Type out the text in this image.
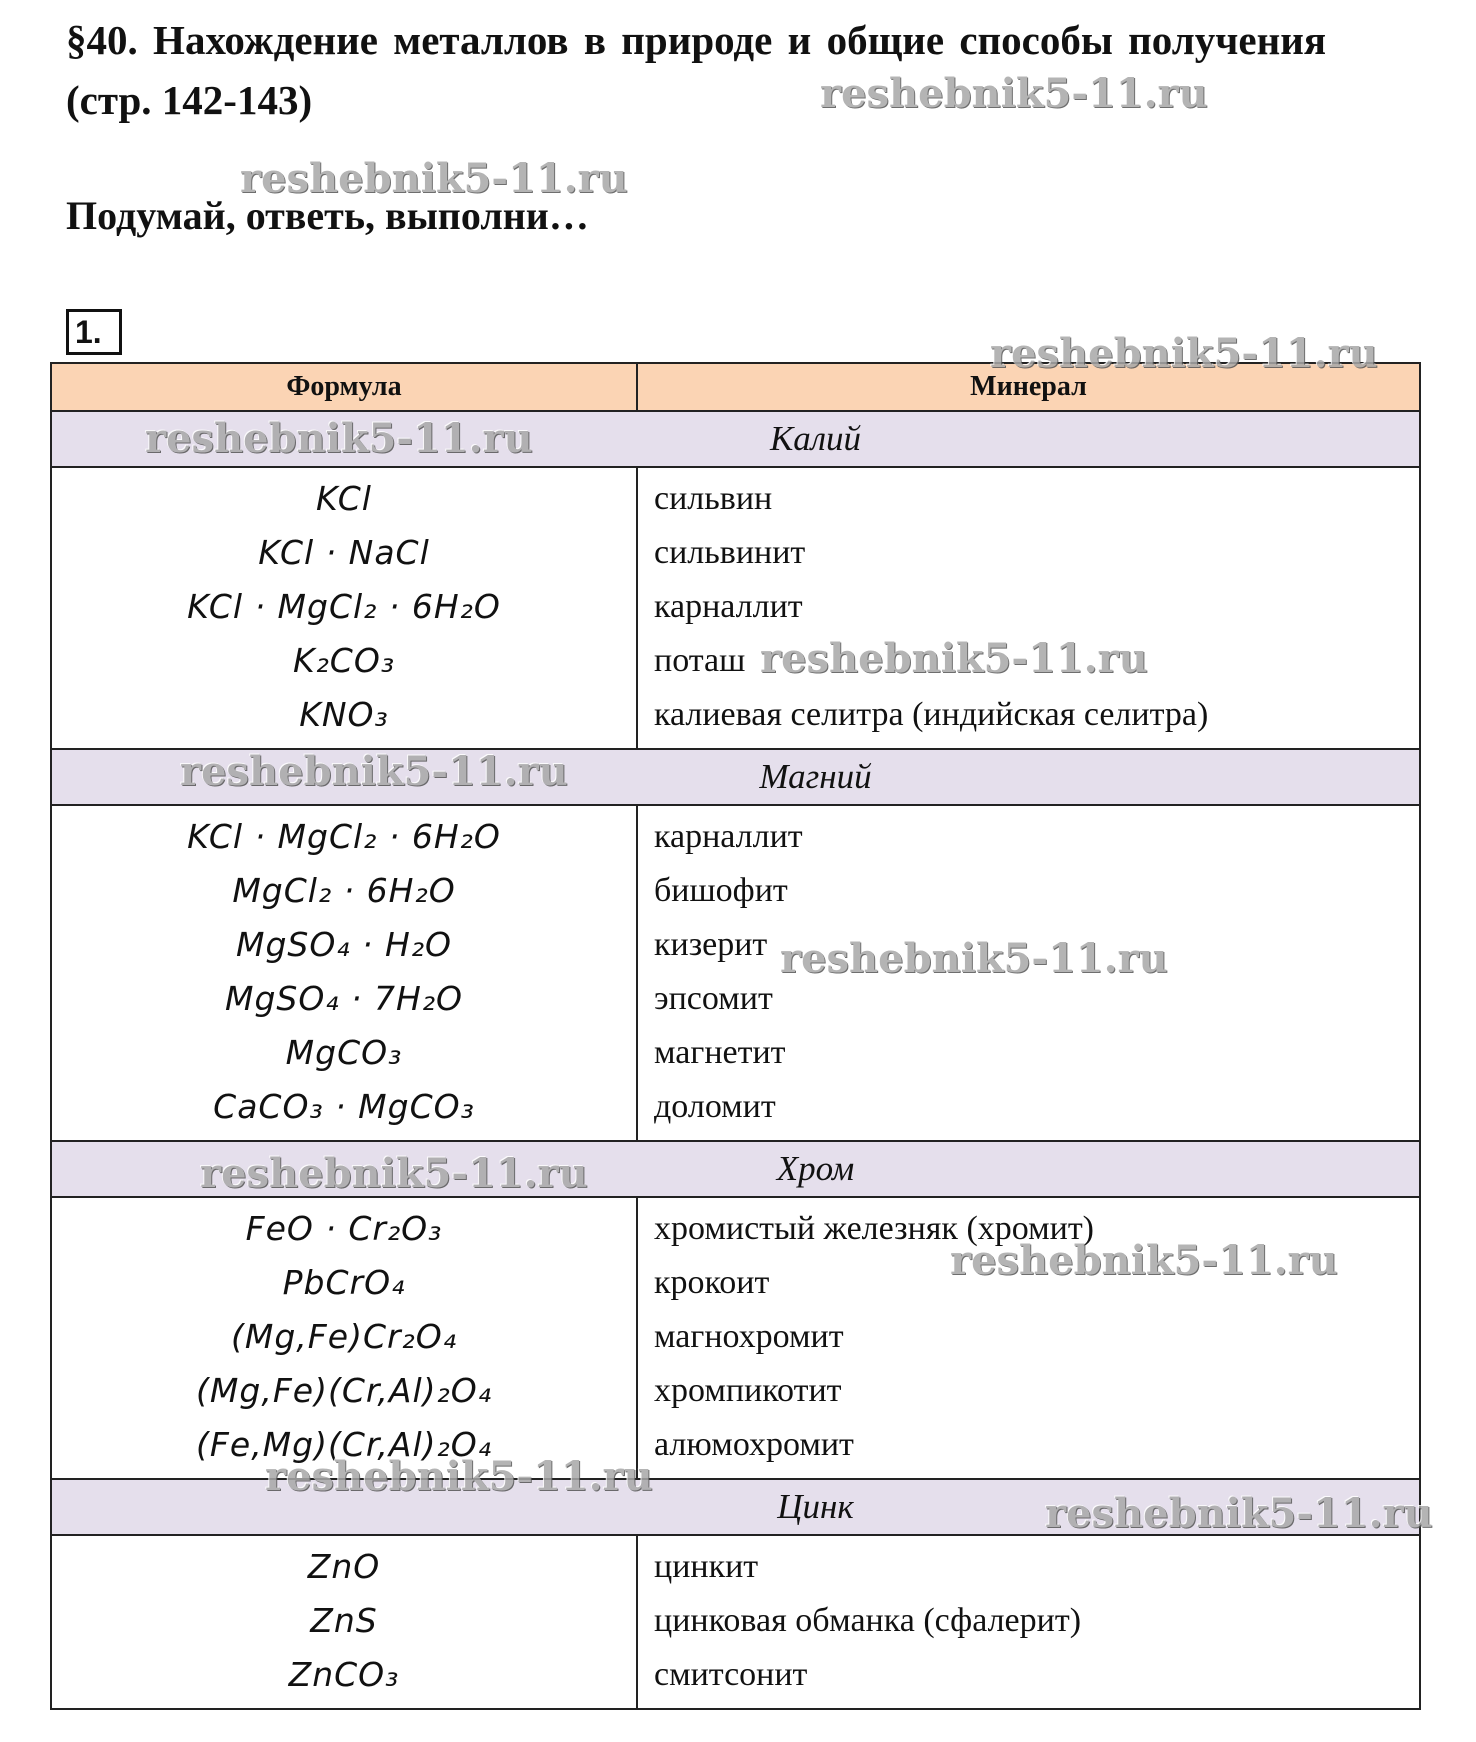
§40. Нахождение металлов в природе и общие способы получения (стр. 142-143)
Подумай, ответь, выполни…
1.
Формула	Минерал
Калий
KCl
KCl · NaCl
KCl · MgCl₂ · 6H₂O
K₂CO₃
KNO₃
сильвин
сильвинит
карналлит
поташ
калиевая селитра (индийская селитра)
Магний
KCl · MgCl₂ · 6H₂O
MgCl₂ · 6H₂O
MgSO₄ · H₂O
MgSO₄ · 7H₂O
MgCO₃
CaCO₃ · MgCO₃
карналлит
бишофит
кизерит
эпсомит
магнетит
доломит
Хром
FeO · Cr₂O₃
PbCrO₄
(Mg,Fe)Cr₂O₄
(Mg,Fe)(Cr,Al)₂O₄
(Fe,Mg)(Cr,Al)₂O₄
хромистый железняк (хромит)
крокоит
магнохромит
хромпикотит
алюмохромит
Цинк
ZnO
ZnS
ZnCO₃
цинкит
цинковая обманка (сфалерит)
смитсонит
reshebnik5-11.ru
reshebnik5-11.ru
reshebnik5-11.ru
reshebnik5-11.ru
reshebnik5-11.ru
reshebnik5-11.ru
reshebnik5-11.ru
reshebnik5-11.ru
reshebnik5-11.ru
reshebnik5-11.ru
reshebnik5-11.ru
